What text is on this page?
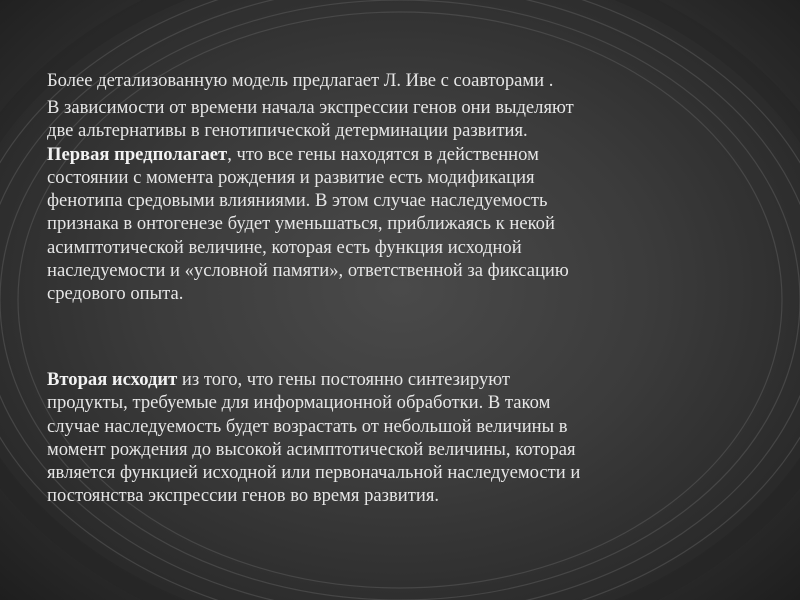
Более детализованную модель предлагает Л. Иве с соавторами .

В зависимости от времени начала экспрессии генов они выделяют
две альтернативы в генотипической детерминации развития.
Первая предполагает, что все гены находятся в действенном
состоянии с момента рождения и развитие есть модификация
фенотипа средовыми влияниями. В этом случае наследуемость
признака в онтогенезе будет уменьшаться, приближаясь к некой
асимптотической величине, которая есть функция исходной
наследуемости и «условной памяти», ответственной за фиксацию
средового опыта.

Вторая исходит из того, что гены постоянно синтезируют
продукты, требуемые для информационной обработки. В таком
случае наследуемость будет возрастать от небольшой величины в
момент рождения до высокой асимптотической величины, которая
является функцией исходной или первоначальной наследуемости и
постоянства экспрессии генов во время развития.
